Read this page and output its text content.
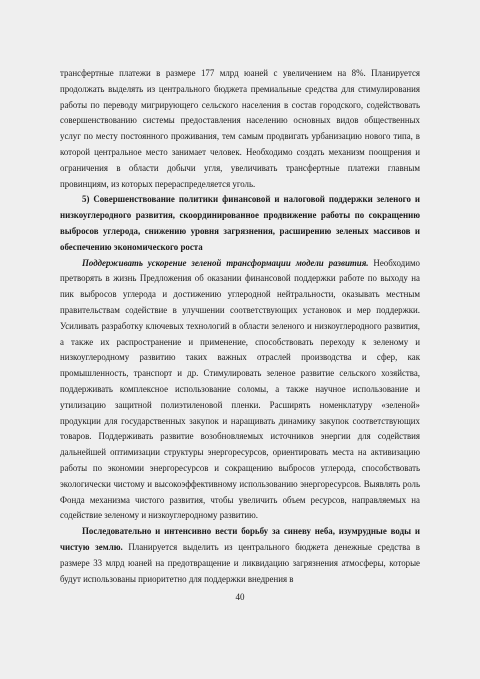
трансфертные платежи в размере 177 млрд юаней с увеличением на 8%. Планируется продолжать выделять из центрального бюджета премиальные средства для стимулирования работы по переводу мигрирующего сельского населения в состав городского, содействовать совершенствованию системы предоставления населению основных видов общественных услуг по месту постоянного проживания, тем самым продвигать урбанизацию нового типа, в которой центральное место занимает человек. Необходимо создать механизм поощрения и ограничения в области добычи угля, увеличивать трансфертные платежи главным провинциям, из которых перераспределяется уголь.

5) Совершенствование политики финансовой и налоговой поддержки зеленого и низкоуглеродного развития, скоординированное продвижение работы по сокращению выбросов углерода, снижению уровня загрязнения, расширению зеленых массивов и обеспечению экономического роста

Поддерживать ускорение зеленой трансформации модели развития. Необходимо претворять в жизнь Предложения об оказании финансовой поддержки работе по выходу на пик выбросов углерода и достижению углеродной нейтральности, оказывать местным правительствам содействие в улучшении соответствующих установок и мер поддержки. Усиливать разработку ключевых технологий в области зеленого и низкоуглеродного развития, а также их распространение и применение, способствовать переходу к зеленому и низкоуглеродному развитию таких важных отраслей производства и сфер, как промышленность, транспорт и др. Стимулировать зеленое развитие сельского хозяйства, поддерживать комплексное использование соломы, а также научное использование и утилизацию защитной полиэтиленовой пленки. Расширять номенклатуру «зеленой» продукции для государственных закупок и наращивать динамику закупок соответствующих товаров. Поддерживать развитие возобновляемых источников энергии для содействия дальнейшей оптимизации структуры энергоресурсов, ориентировать места на активизацию работы по экономии энергоресурсов и сокращению выбросов углерода, способствовать экологически чистому и высокоэффективному использованию энергоресурсов. Выявлять роль Фонда механизма чистого развития, чтобы увеличить объем ресурсов, направляемых на содействие зеленому и низкоуглеродному развитию.

Последовательно и интенсивно вести борьбу за синеву неба, изумрудные воды и чистую землю. Планируется выделить из центрального бюджета денежные средства в размере 33 млрд юаней на предотвращение и ликвидацию загрязнения атмосферы, которые будут использованы приоритетно для поддержки внедрения в

40
